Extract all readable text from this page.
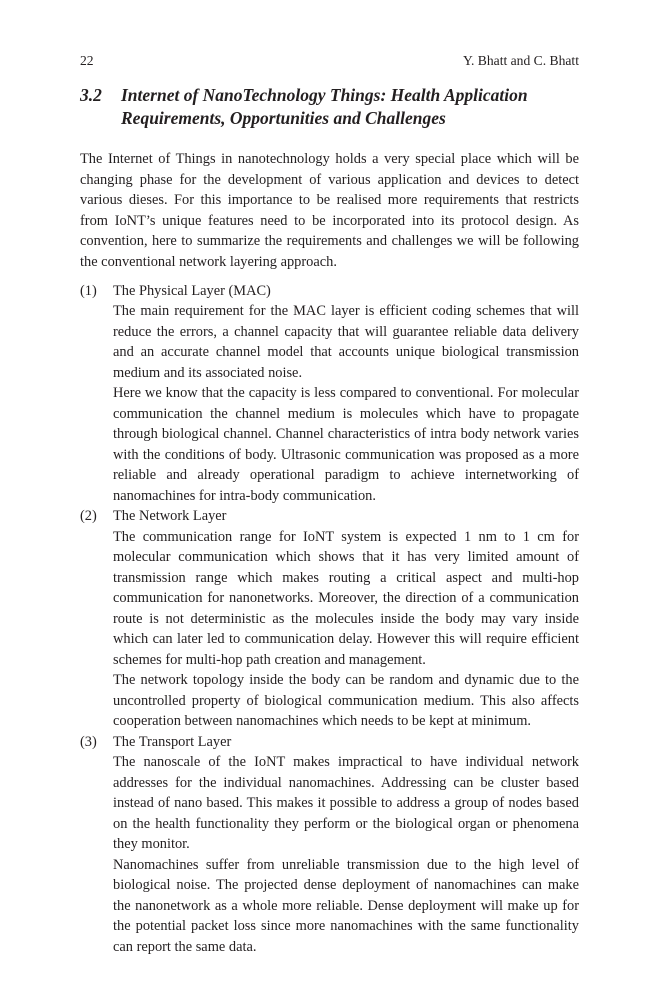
22	Y. Bhatt and C. Bhatt
3.2 Internet of NanoTechnology Things: Health Application Requirements, Opportunities and Challenges

The Internet of Things in nanotechnology holds a very special place which will be changing phase for the development of various application and devices to detect various dieses. For this importance to be realised more requirements that restricts from IoNT’s unique features need to be incorporated into its protocol design. As convention, here to summarize the requirements and challenges we will be following the conventional network layering approach.

(1) The Physical Layer (MAC)

The main requirement for the MAC layer is efficient coding schemes that will reduce the errors, a channel capacity that will guarantee reliable data delivery and an accurate channel model that accounts unique biological transmission medium and its associated noise.

Here we know that the capacity is less compared to conventional. For molecular communication the channel medium is molecules which have to propagate through biological channel. Channel characteristics of intra body network varies with the conditions of body. Ultrasonic communication was proposed as a more reliable and already operational paradigm to achieve internetworking of nanomachines for intra-body communication.

(2) The Network Layer

The communication range for IoNT system is expected 1 nm to 1 cm for molecular communication which shows that it has very limited amount of transmission range which makes routing a critical aspect and multi-hop communication for nanonetworks. Moreover, the direction of a communication route is not deterministic as the molecules inside the body may vary inside which can later led to communication delay. However this will require efficient schemes for multi-hop path creation and management.

The network topology inside the body can be random and dynamic due to the uncontrolled property of biological communication medium. This also affects cooperation between nanomachines which needs to be kept at minimum.

(3) The Transport Layer

The nanoscale of the IoNT makes impractical to have individual network addresses for the individual nanomachines. Addressing can be cluster based instead of nano based. This makes it possible to address a group of nodes based on the health functionality they perform or the biological organ or phenomena they monitor.

Nanomachines suffer from unreliable transmission due to the high level of biological noise. The projected dense deployment of nanomachines can make the nanonetwork as a whole more reliable. Dense deployment will make up for the potential packet loss since more nanomachines with the same functionality can report the same data.
